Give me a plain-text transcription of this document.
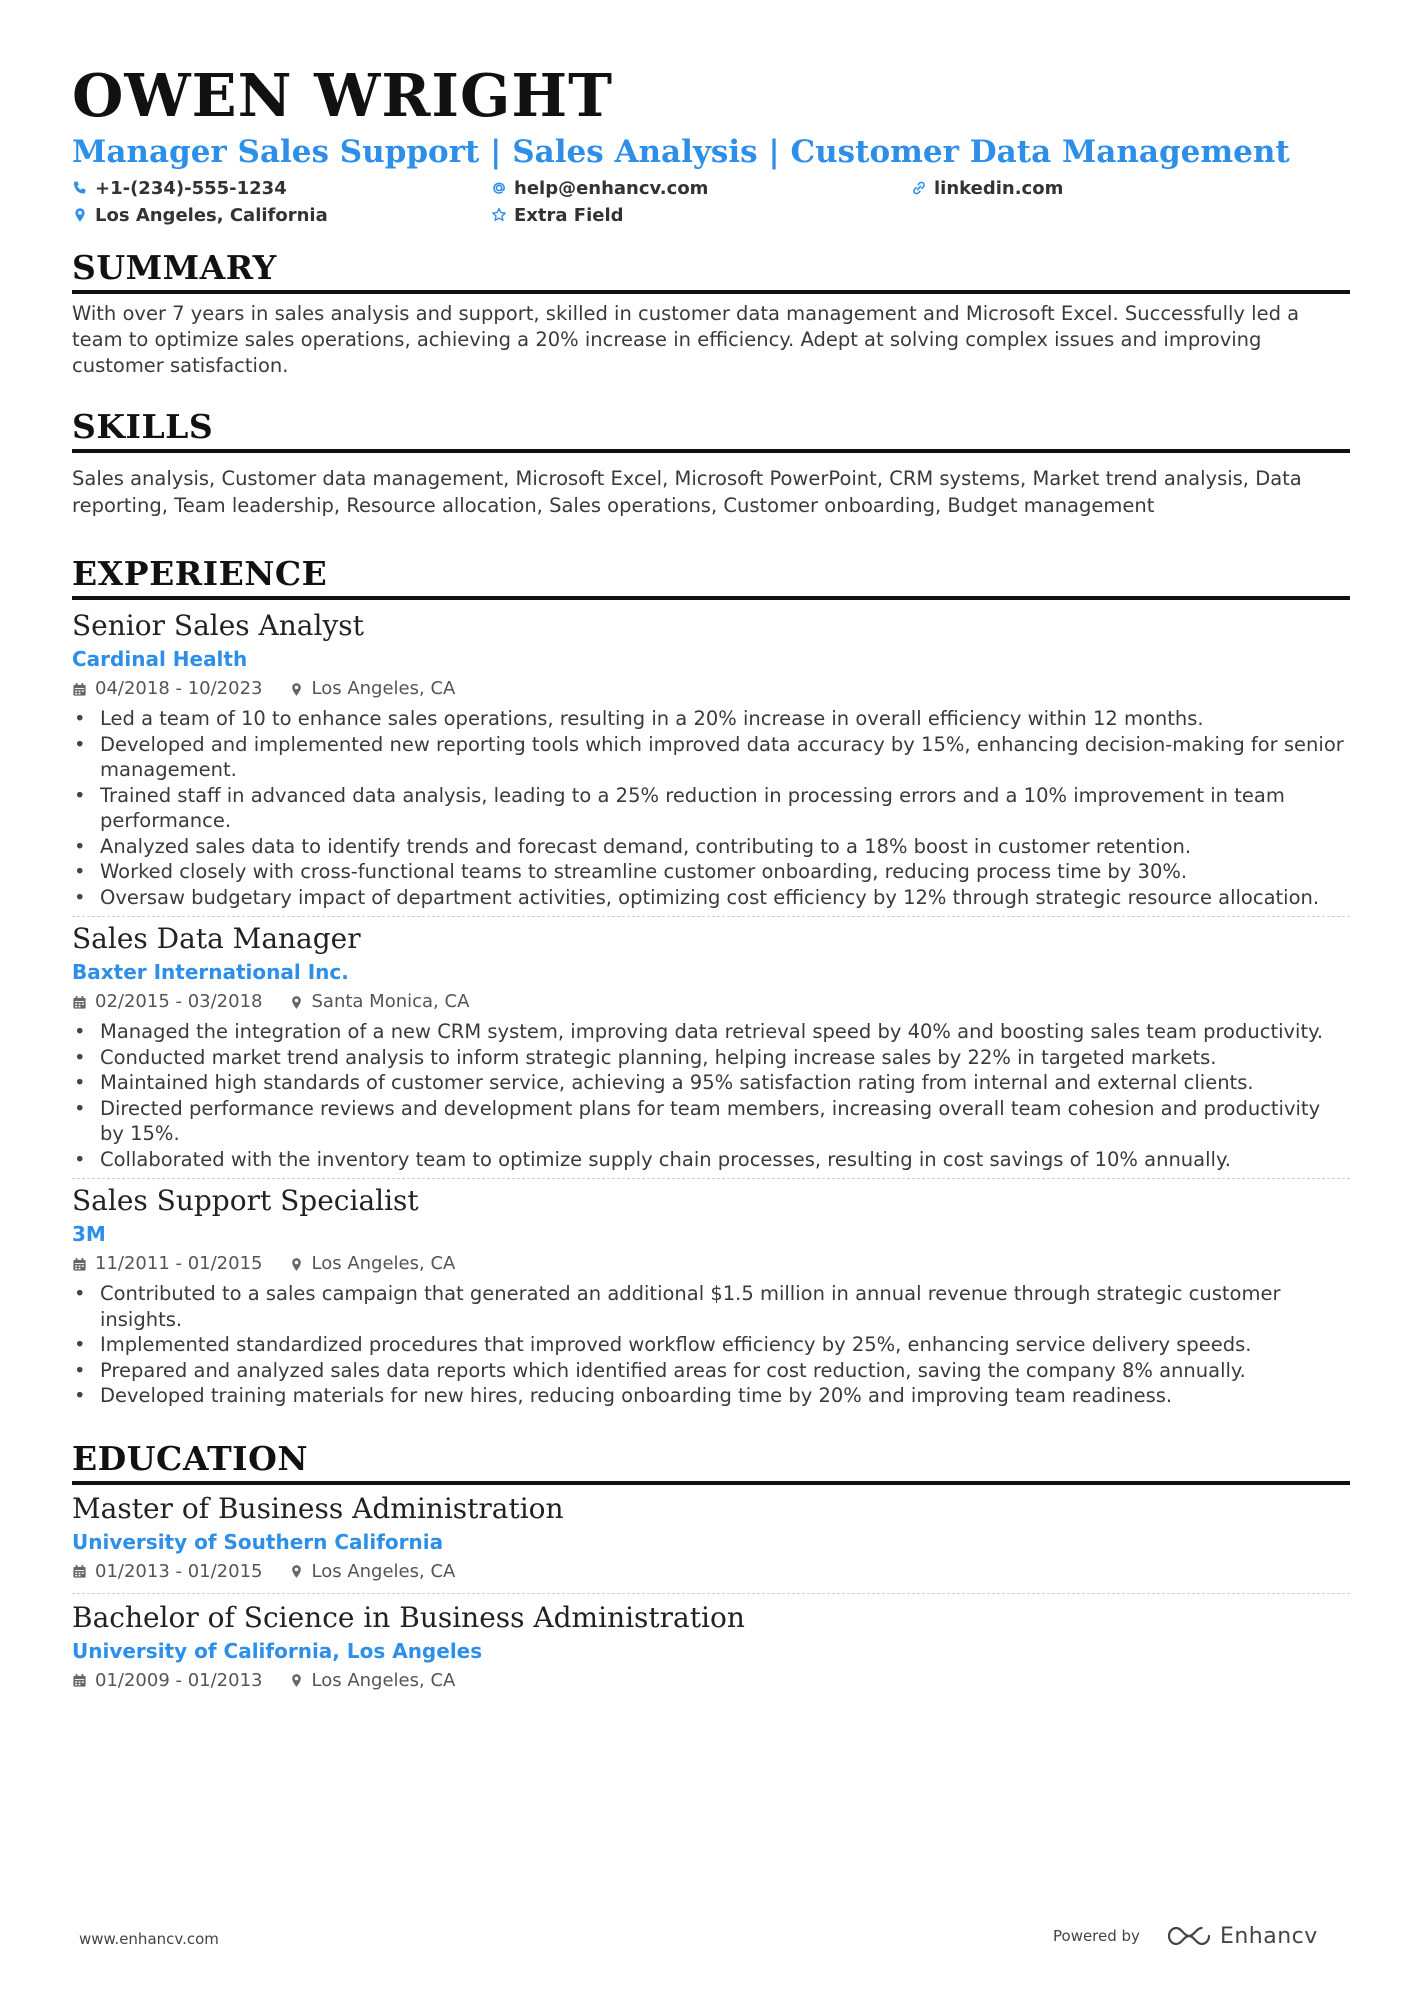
OWEN WRIGHT
Manager Sales Support | Sales Analysis | Customer Data Management
+1-(234)-555-1234	help@enhancv.com	linkedin.com
Los Angeles, California	Extra Field
SUMMARY
With over 7 years in sales analysis and support, skilled in customer data management and Microsoft Excel. Successfully led a team to optimize sales operations, achieving a 20% increase in efficiency. Adept at solving complex issues and improving customer satisfaction.
SKILLS
Sales analysis, Customer data management, Microsoft Excel, Microsoft PowerPoint, CRM systems, Market trend analysis, Data reporting, Team leadership, Resource allocation, Sales operations, Customer onboarding, Budget management
EXPERIENCE
Senior Sales Analyst
Cardinal Health
04/2018 - 10/2023	Los Angeles, CA
• Led a team of 10 to enhance sales operations, resulting in a 20% increase in overall efficiency within 12 months.
• Developed and implemented new reporting tools which improved data accuracy by 15%, enhancing decision-making for senior management.
• Trained staff in advanced data analysis, leading to a 25% reduction in processing errors and a 10% improvement in team performance.
• Analyzed sales data to identify trends and forecast demand, contributing to a 18% boost in customer retention.
• Worked closely with cross-functional teams to streamline customer onboarding, reducing process time by 30%.
• Oversaw budgetary impact of department activities, optimizing cost efficiency by 12% through strategic resource allocation.
Sales Data Manager
Baxter International Inc.
02/2015 - 03/2018	Santa Monica, CA
• Managed the integration of a new CRM system, improving data retrieval speed by 40% and boosting sales team productivity.
• Conducted market trend analysis to inform strategic planning, helping increase sales by 22% in targeted markets.
• Maintained high standards of customer service, achieving a 95% satisfaction rating from internal and external clients.
• Directed performance reviews and development plans for team members, increasing overall team cohesion and productivity by 15%.
• Collaborated with the inventory team to optimize supply chain processes, resulting in cost savings of 10% annually.
Sales Support Specialist
3M
11/2011 - 01/2015	Los Angeles, CA
• Contributed to a sales campaign that generated an additional $1.5 million in annual revenue through strategic customer insights.
• Implemented standardized procedures that improved workflow efficiency by 25%, enhancing service delivery speeds.
• Prepared and analyzed sales data reports which identified areas for cost reduction, saving the company 8% annually.
• Developed training materials for new hires, reducing onboarding time by 20% and improving team readiness.
EDUCATION
Master of Business Administration
University of Southern California
01/2013 - 01/2015	Los Angeles, CA
Bachelor of Science in Business Administration
University of California, Los Angeles
01/2009 - 01/2013	Los Angeles, CA
www.enhancv.com	Powered by	Enhancv
